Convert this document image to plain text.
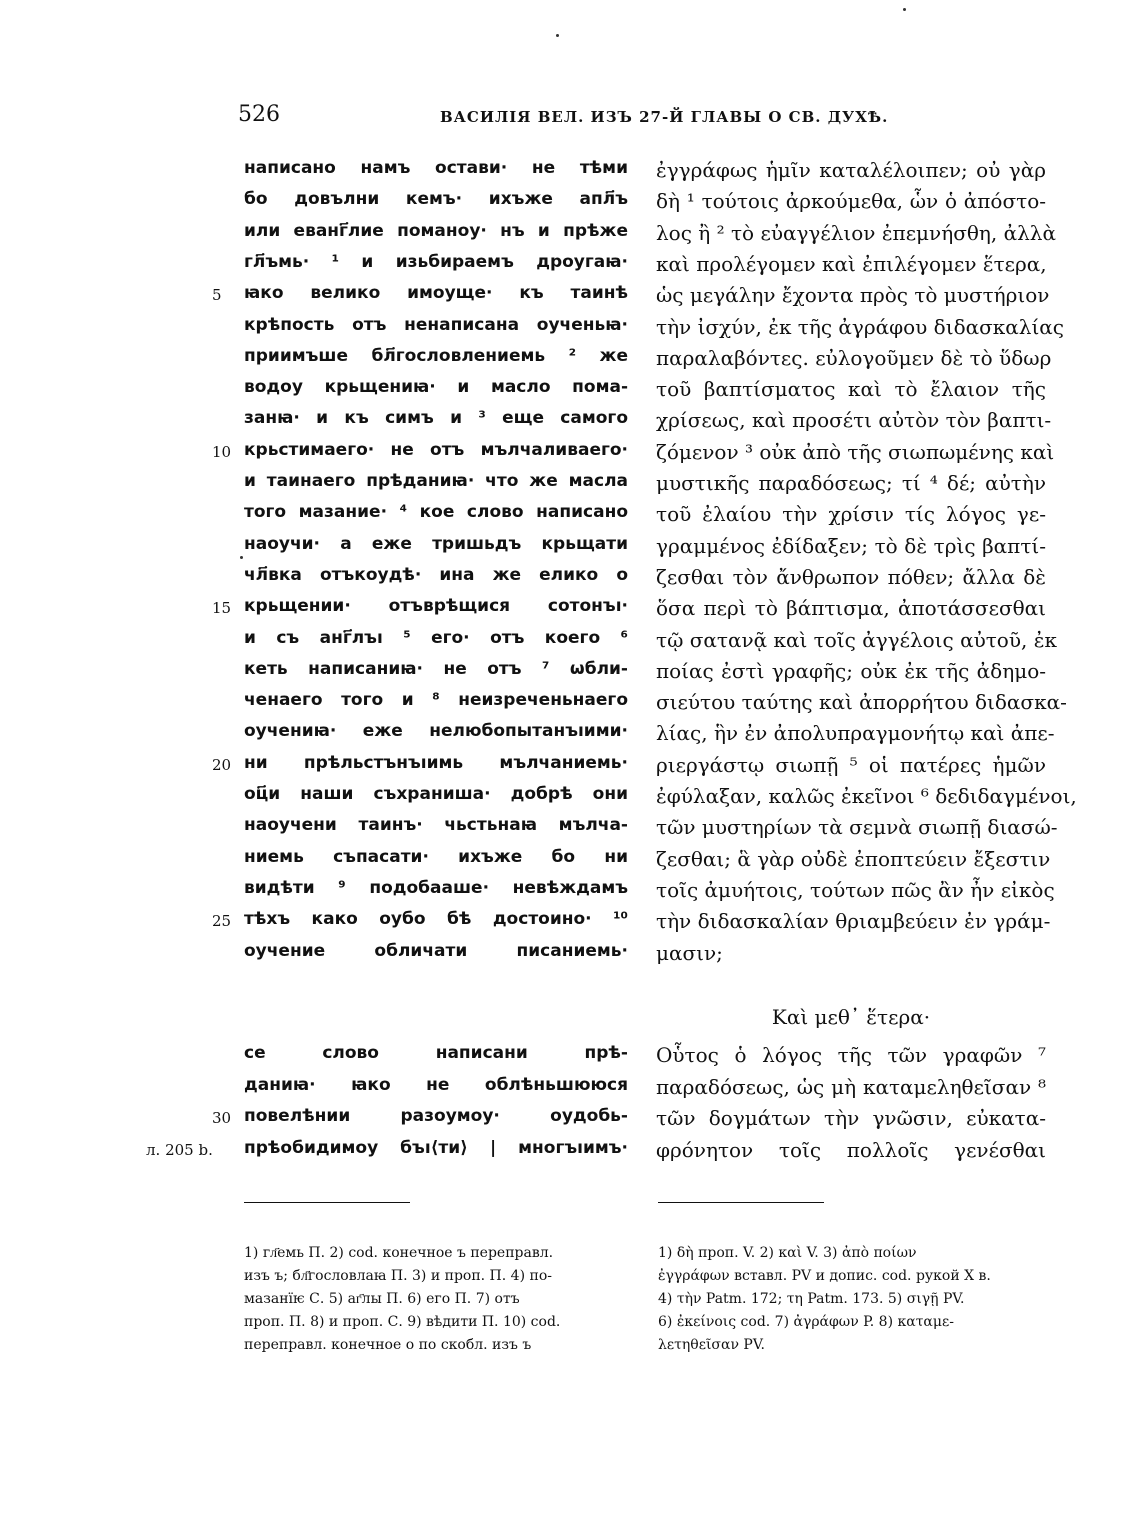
526	ВАСИЛІЯ ВЕЛ. ИЗЪ 27-Й ГЛАВЫ О СВ. ДУХѢ.
написано намъ остави· не тѣми
бо довълни кемъ· ихъже апл҃ъ
или еванг҃лие поманоу· нъ и прѣже
гл҃ъмь· ¹ и изьбираемъ дроугаꙗ·
ꙗко велико имоуще· къ таинѣ
крѣпость отъ ненаписана оученьꙗ·
приимъше бл҃гословлениемь ² же
водоу крьщениꙗ· и масло пома-
занꙗ· и къ симъ и ³ еще самого
крьстимаего· не отъ мълчаливаего·
и таинаего прѣданиꙗ· что же масла
того мазание· ⁴ кое слово написано
наоучи· а еже тришьдъ крьщати
чл҃вка отъкоудѣ· ина же елико о
крьщении· отъврѣщися сотонъı·
и съ анг҃лъı ⁵ его· отъ коего ⁶
кеть написаниꙗ· не отъ ⁷ ѡбли-
ченаего того и ⁸ неизреченьнаего
оучениꙗ· еже нелюбопытанъıими·
ни прѣльстънъıимь мълчаниемь·
оц҃и наши съхраниша· добрѣ они
наоучени таинъ· чьстьнаꙗ мълча-
ниемь съпасати· ихъже бо ни
видѣти ⁹ подобааше· невѣждамъ
тѣхъ како оубо бѣ достоино· ¹⁰
оучение обличати писаниемь·
се слово написани прѣ-
даниꙗ· ꙗко не облѣньшююся
повелѣнии разоумоу· оудобь-
прѣобидимоу бъı⟨ти⟩ | многъıимъ·
5
10
15
20
25
30
л. 205 b.
ἐγγράφως ἡμῖν καταλέλοιπεν; οὐ γὰρ
δὴ ¹ τούτοις ἀρκούμεθα, ὧν ὁ ἀπόστο-
λος ἢ ² τὸ εὐαγγέλιον ἐπεμνήσθη, ἀλλὰ
καὶ προλέγομεν καὶ ἐπιλέγομεν ἕτερα,
ὡς μεγάλην ἔχοντα πρὸς τὸ μυστήριον
τὴν ἰσχύν, ἐκ τῆς ἀγράφου διδασκαλίας
παραλαβόντες. εὐλογοῦμεν δὲ τὸ ὕδωρ
τοῦ βαπτίσματος καὶ τὸ ἔλαιον τῆς
χρίσεως, καὶ προσέτι αὐτὸν τὸν βαπτι-
ζόμενον ³ οὐκ ἀπὸ τῆς σιωπωμένης καὶ
μυστικῆς παραδόσεως; τί ⁴ δέ; αὐτὴν
τοῦ ἐλαίου τὴν χρίσιν τίς λόγος γε-
γραμμένος ἐδίδαξεν; τὸ δὲ τρὶς βαπτί-
ζεσθαι τὸν ἄνθρωπον πόθεν; ἄλλα δὲ
ὅσα περὶ τὸ βάπτισμα, ἀποτάσσεσθαι
τῷ σατανᾷ καὶ τοῖς ἀγγέλοις αὐτοῦ, ἐκ
ποίας ἐστὶ γραφῆς; οὐκ ἐκ τῆς ἀδημο-
σιεύτου ταύτης καὶ ἀπορρήτου διδασκα-
λίας, ἣν ἐν ἀπολυπραγμονήτῳ καὶ ἀπε-
ριεργάστῳ σιωπῇ ⁵ οἱ πατέρες ἡμῶν
ἐφύλαξαν, καλῶς ἐκεῖνοι ⁶ δεδιδαγμένοι,
τῶν μυστηρίων τὰ σεμνὰ σιωπῇ διασώ-
ζεσθαι; ἃ γὰρ οὐδὲ ἐποπτεύειν ἔξεστιν
τοῖς ἀμυήτοις, τούτων πῶς ἂν ἦν εἰκὸς
τὴν διδασκαλίαν θριαμβεύειν ἐν γράμ-
μασιν;
Καὶ μεθ᾽ ἕτερα·
Οὗτος ὁ λόγος τῆς τῶν γραφῶν ⁷
παραδόσεως, ὡς μὴ καταμεληθεῖσαν ⁸
τῶν δογμάτων τὴν γνῶσιν, εὐκατα-
φρόνητον τοῖς πολλοῖς γενέσθαι
1) гл҃емь П. 2) cod. конечное ъ перепpавл.
изъ ъ; бл҃гословлаꙗ П. 3) и проп. П. 4) по-
мазанїѥ С. 5) аг҃лы П. 6) его П. 7) отъ
проп. П. 8) и проп. С. 9) вѣдити П. 10) cod.
перепpавл. конечное о по скобл. изъ ъ
1) δὴ проп. V. 2) καὶ V. 3) ἀπὸ ποίων
ἐγγράφων вставл. PV и допис. cod. рукой X в.
4) τὴν Patm. 172; τη Patm. 173. 5) σιγῇ PV.
6) ἐκείνοις cod. 7) ἀγράφων P. 8) καταμε-
λετηθεῖσαν PV.
